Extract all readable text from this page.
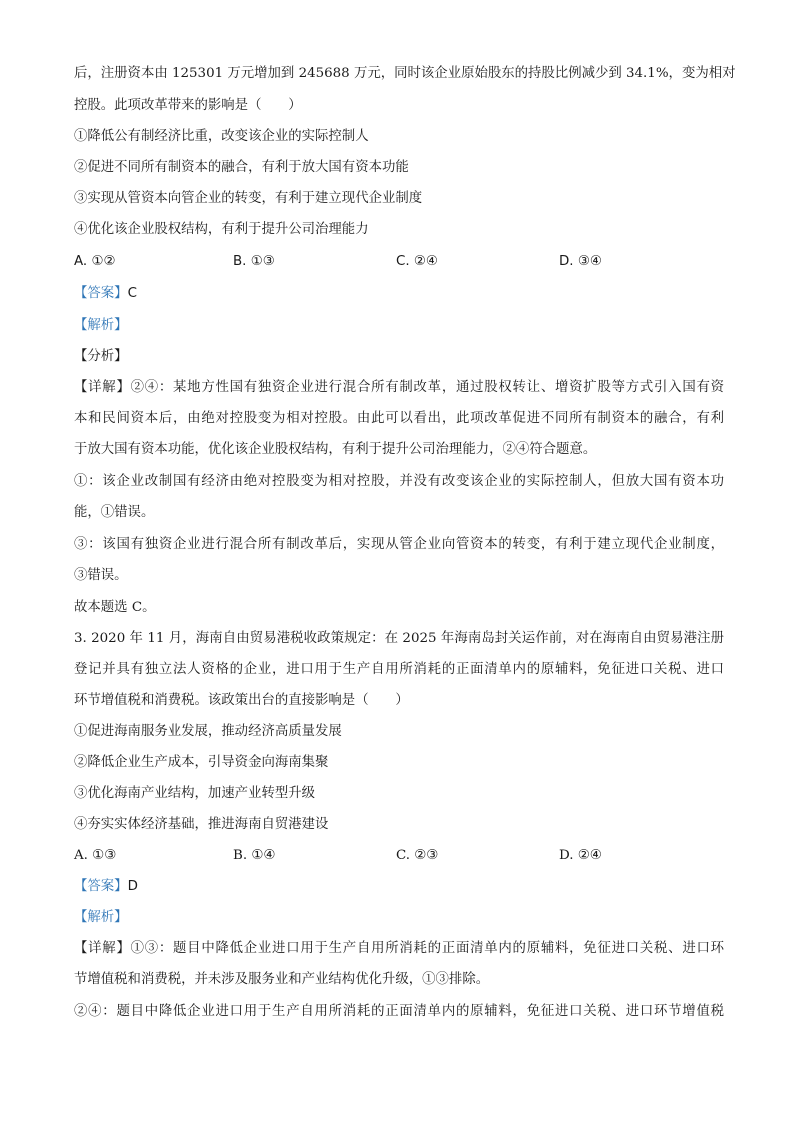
后，注册资本由 125301 万元增加到 245688 万元，同时该企业原始股东的持股比例减少到 34.1%，变为相对
控股。此项改革带来的影响是（　　）
①降低公有制经济比重，改变该企业的实际控制人
②促进不同所有制资本的融合，有利于放大国有资本功能
③实现从管资本向管企业的转变，有利于建立现代企业制度
④优化该企业股权结构，有利于提升公司治理能力
A. ①②	B. ①③	C. ②④	D. ③④
【答案】C
【解析】
【分析】
【详解】②④：某地方性国有独资企业进行混合所有制改革，通过股权转让、增资扩股等方式引入国有资
本和民间资本后，由绝对控股变为相对控股。由此可以看出，此项改革促进不同所有制资本的融合，有利
于放大国有资本功能，优化该企业股权结构，有利于提升公司治理能力，②④符合题意。
①：该企业改制国有经济由绝对控股变为相对控股，并没有改变该企业的实际控制人，但放大国有资本功
能，①错误。
③：该国有独资企业进行混合所有制改革后，实现从管企业向管资本的转变，有利于建立现代企业制度，
③错误。
故本题选 C。
3. 2020 年 11 月，海南自由贸易港税收政策规定：在 2025 年海南岛封关运作前，对在海南自由贸易港注册
登记并具有独立法人资格的企业，进口用于生产自用所消耗的正面清单内的原辅料，免征进口关税、进口
环节增值税和消费税。该政策出台的直接影响是（　　）
①促进海南服务业发展，推动经济高质量发展
②降低企业生产成本，引导资金向海南集聚
③优化海南产业结构，加速产业转型升级
④夯实实体经济基础，推进海南自贸港建设
A. ①③	B. ①④	C. ②③	D. ②④
【答案】D
【解析】
【详解】①③：题目中降低企业进口用于生产自用所消耗的正面清单内的原辅料，免征进口关税、进口环
节增值税和消费税，并未涉及服务业和产业结构优化升级，①③排除。
②④：题目中降低企业进口用于生产自用所消耗的正面清单内的原辅料，免征进口关税、进口环节增值税
